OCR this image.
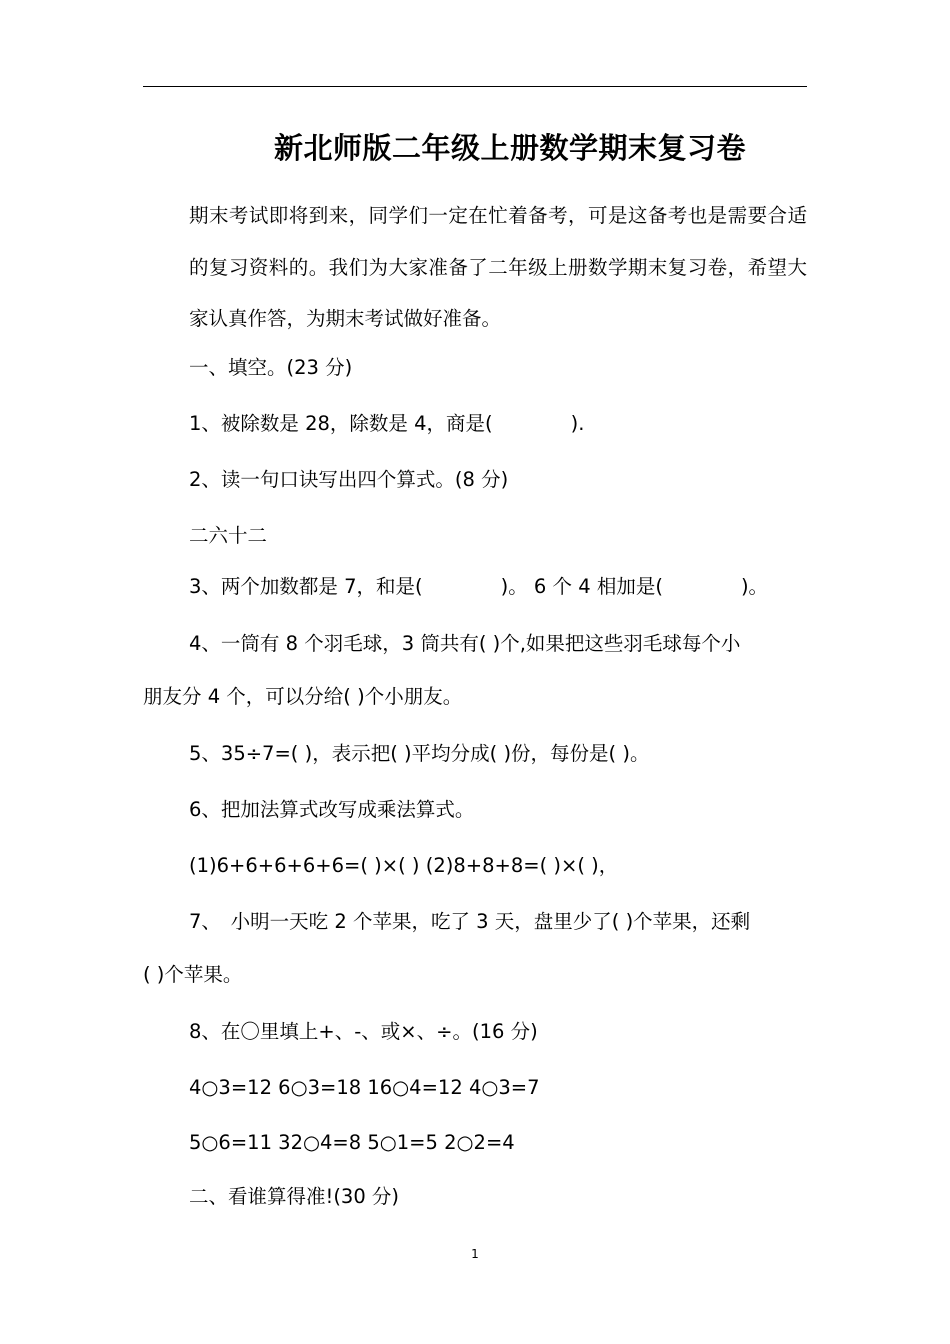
新北师版二年级上册数学期末复习卷
期末考试即将到来，同学们一定在忙着备考，可是这备考也是需要合适的复习资料的。我们为大家准备了二年级上册数学期末复习卷，希望大家认真作答，为期末考试做好准备。
一、填空。(23 分)
1、被除数是 28，除数是 4，商是(　　　　).
2、读一句口诀写出四个算式。(8 分)
二六十二
3、两个加数都是 7，和是(　　　　)。 6 个 4 相加是(　　　　)。
4、一筒有 8 个羽毛球，3 筒共有( )个,如果把这些羽毛球每个小
朋友分 4 个，可以分给( )个小朋友。
5、35÷7=( )，表示把( )平均分成( )份，每份是( )。
6、把加法算式改写成乘法算式。
(1)6+6+6+6+6=( )×( ) (2)8+8+8=( )×( )，
7、　小明一天吃 2 个苹果，吃了 3 天，盘里少了( )个苹果，还剩
( )个苹果。
8、在〇里填上+、-、或×、÷。(16 分)
4○3=12 6○3=18 16○4=12 4○3=7
5○6=11 32○4=8 5○1=5 2○2=4
二、看谁算得准!(30 分)
1
